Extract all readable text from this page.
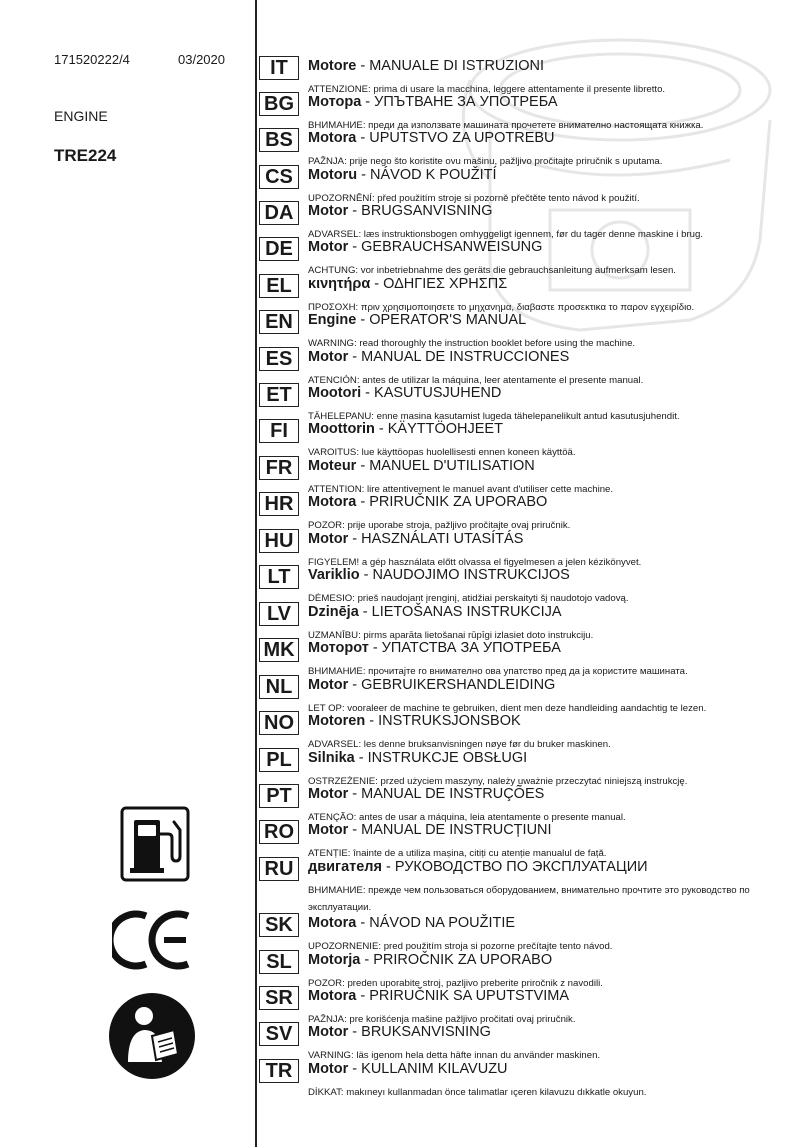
171520222/4	03/2020
ENGINE
TRE224
IT	Motore - MANUALE DI ISTRUZIONI
ATTENZIONE: prima di usare la macchina, leggere attentamente il presente libretto.
BG Мотора - УПЪТВАНЕ ЗА УПОТРЕБА
ВНИМАНИЕ: преди да използвате машината прочетете внимателно настоящата книжка.
BS	Motora - UPUTSTVO ZA UPOTREBU
PAŽNJA: prije nego što koristite ovu mašinu, pažljivo pročitajte priručnik s uputama.
CS	Motoru - NÁVOD K POUŽITÍ
UPOZORNĚNÍ: před použitím stroje si pozorně přečtěte tento návod k použití.
DA	Motor - BRUGSANVISNING
ADVARSEL: læs instruktionsbogen omhyggeligt igennem, før du tager denne maskine i brug.
DE	Motor - GEBRAUCHSANWEISUNG
ACHTUNG: vor inbetriebnahme des geräts die gebrauchsanleitung aufmerksam lesen.
EL	κινητήρα - ΟΔΗΓΙΕΣ ΧΡΗΣΠΣ
ΠΡΟΣΟΧΗ: πριν χρησιμοποιησετε το μηχανημα, διαβαστε προσεκτικα το παρον εγχειρίδιο.
EN	Engine - OPERATOR'S MANUAL
WARNING: read thoroughly the instruction booklet before using the machine.
ES	Motor - MANUAL DE INSTRUCCIONES
ATENCIÓN: antes de utilizar la máquina, leer atentamente el presente manual.
ET	Mootori - KASUTUSJUHEND
TÄHELEPANU: enne masina kasutamist lugeda tähelepanelikult antud kasutusjuhendit.
FI	Moottorin - KÄYTTÖOHJEET
VAROITUS: lue käyttöopas huolellisesti ennen koneen käyttöä.
FR	Moteur - MANUEL D'UTILISATION
ATTENTION: lire attentivement le manuel avant d'utiliser cette machine.
HR	Motora - PRIRUČNIK ZA UPORABO
POZOR: prije uporabe stroja, pažljivo pročitajte ovaj priručnik.
HU	Motor - HASZNÁLATI UTASÍTÁS
FIGYELEM! a gép használata előtt olvassa el figyelmesen a jelen kézikönyvet.
LT	Variklio - NAUDOJIMO INSTRUKCIJOS
DĖMESIO: prieš naudojant įrenginį, atidžiai perskaityti šį naudotojo vadovą.
LV	Dzinēja - LIETOŠANAS INSTRUKCIJA
UZMANĪBU: pirms aparāta lietošanai rūpīgi izlasiet doto instrukciju.
MK Моторот - УПАТСТВА ЗА УПОТРЕБА
ВНИМАНИЕ: прочитајте го внимателно ова упатство пред да ја користите машината.
NL	Motor - GEBRUIKERSHANDLEIDING
LET OP: vooraleer de machine te gebruiken, dient men deze handleiding aandachtig te lezen.
NO Motoren - INSTRUKSJONSBOK
ADVARSEL: les denne bruksanvisningen nøye før du bruker maskinen.
PL	Silnika - INSTRUKCJE OBSŁUGI
OSTRZEŻENIE: przed użyciem maszyny, należy uważnie przeczytać niniejszą instrukcję.
PT	Motor - MANUAL DE INSTRUÇÕES
ATENÇÃO: antes de usar a máquina, leia atentamente o presente manual.
RO Motor - MANUAL DE INSTRUCȚIUNI
ATENȚIE: înainte de a utiliza mașina, citiți cu atenție manualul de față.
RU	двигателя - РУКОВОДСТВО ПО ЭКСПЛУАТАЦИИ
ВНИМАНИЕ: прежде чем пользоваться оборудованием, внимательно прочтите это руководство по эксплуатации.
SK	Motora - NÁVOD NA POUŽITIE
UPOZORNENIE: pred použitím stroja si pozorne prečítajte tento návod.
SL	Motorja - PRIROČNIK ZA UPORABO
POZOR: preden uporabite stroj, pazljivo preberite priročnik z navodili.
SR	Motora - PRIRUČNIK SA UPUTSTVIMA
PAŽNJA: pre korišćenja mašine pažljivo pročitati ovaj priručnik.
SV	Motor - BRUKSANVISNING
VARNING: läs igenom hela detta häfte innan du använder maskinen.
TR	Motor - KULLANIM KILAVUZU
DİKKAT: makıneyı kullanmadan önce talımatlar ıçeren kilavuzu dıkkatle okuyun.
